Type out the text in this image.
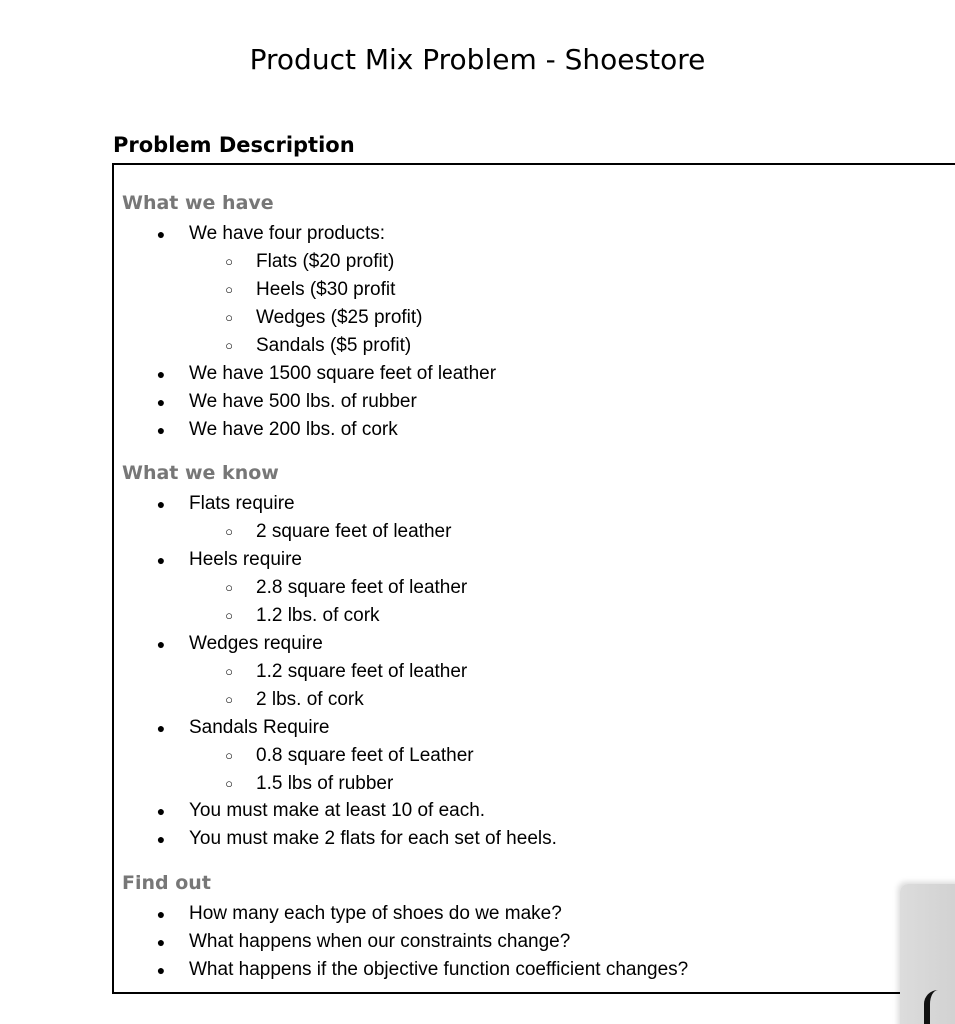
Product Mix Problem - Shoestore
Problem Description
What we have
●	We have four products:
○	Flats ($20 profit)
○	Heels ($30 profit
○	Wedges ($25 profit)
○	Sandals ($5 profit)
●	We have 1500 square feet of leather
●	We have 500 lbs. of rubber
●	We have 200 lbs. of cork
What we know
●	Flats require
○	2 square feet of leather
●	Heels require
○	2.8 square feet of leather
○	1.2 lbs. of cork
●	Wedges require
○	1.2 square feet of leather
○	2 lbs. of cork
●	Sandals Require
○	0.8 square feet of Leather
○	1.5 lbs of rubber
●	You must make at least 10 of each.
●	You must make 2 flats for each set of heels.
Find out
●	How many each type of shoes do we make?
●	What happens when our constraints change?
●	What happens if the objective function coefficient changes?
